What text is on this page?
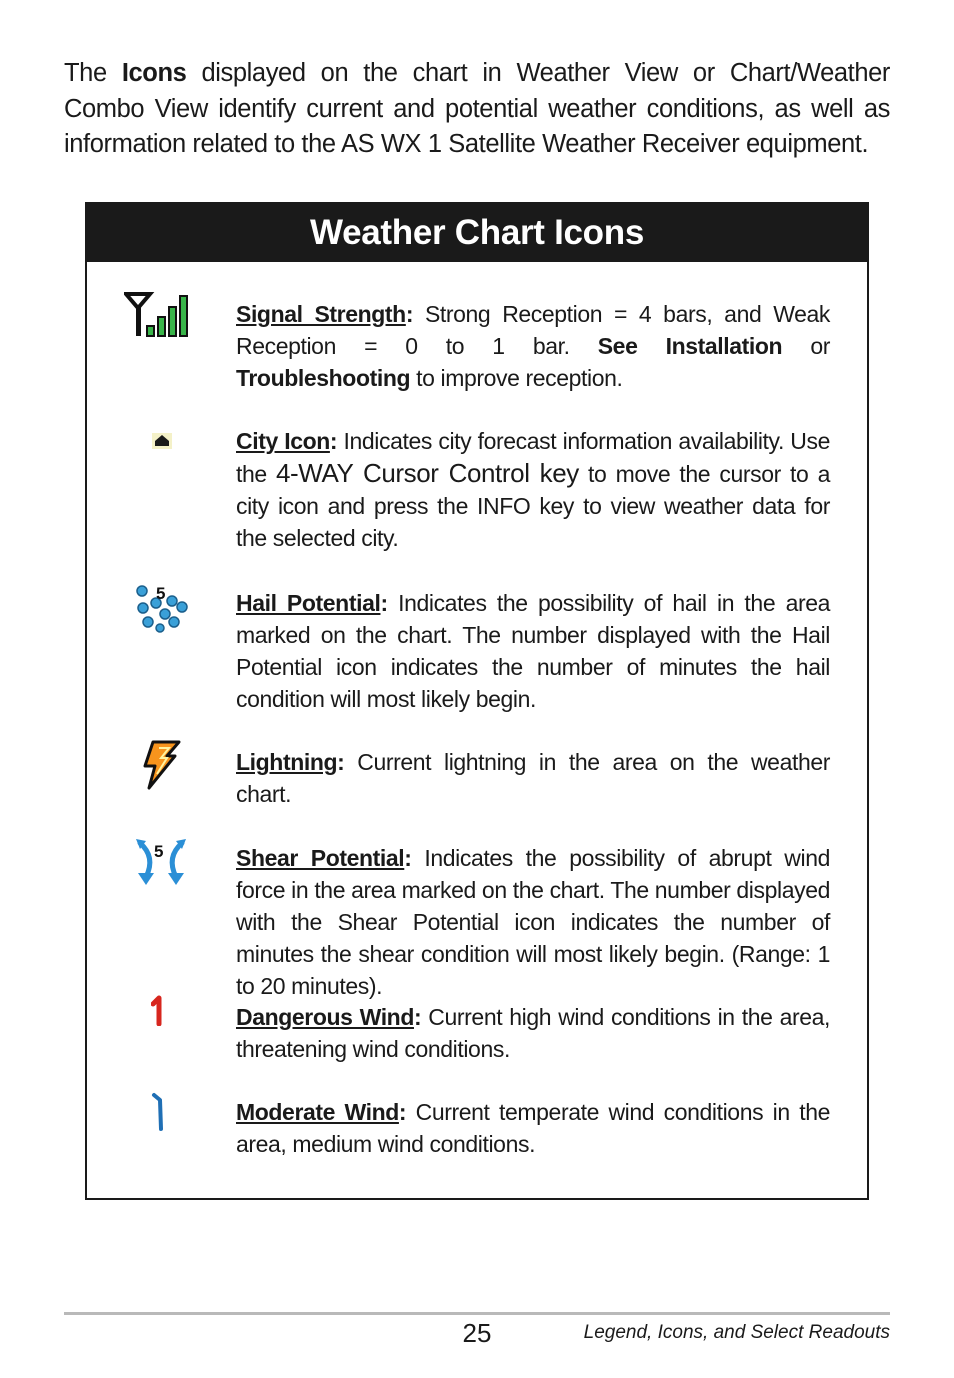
The Icons displayed on the chart in Weather View or Chart/Weather Combo View identify current and potential weather conditions, as well as information related to the AS WX 1 Satellite Weather Receiver equipment.

Weather Chart Icons

Signal Strength: Strong Reception = 4 bars, and Weak Reception = 0 to 1 bar. See Installation or Troubleshooting to improve reception.

City Icon: Indicates city forecast information availability. Use the 4-WAY Cursor Control key to move the cursor to a city icon and press the INFO key to view weather data for the selected city.

5	Hail Potential: Indicates the possibility of hail in the area marked on the chart. The number displayed with the Hail Potential icon indicates the number of minutes the hail condition will most likely begin.

Lightning: Current lightning in the area on the weather chart.

5	Shear Potential: Indicates the possibility of abrupt wind force in the area marked on the chart. The number displayed with the Shear Potential icon indicates the number of minutes the shear condition will most likely begin. (Range: 1 to 20 minutes).

Dangerous Wind: Current high wind conditions in the area, threatening wind conditions.

Moderate Wind: Current temperate wind conditions in the area, medium wind conditions.

25	Legend, Icons, and Select Readouts
